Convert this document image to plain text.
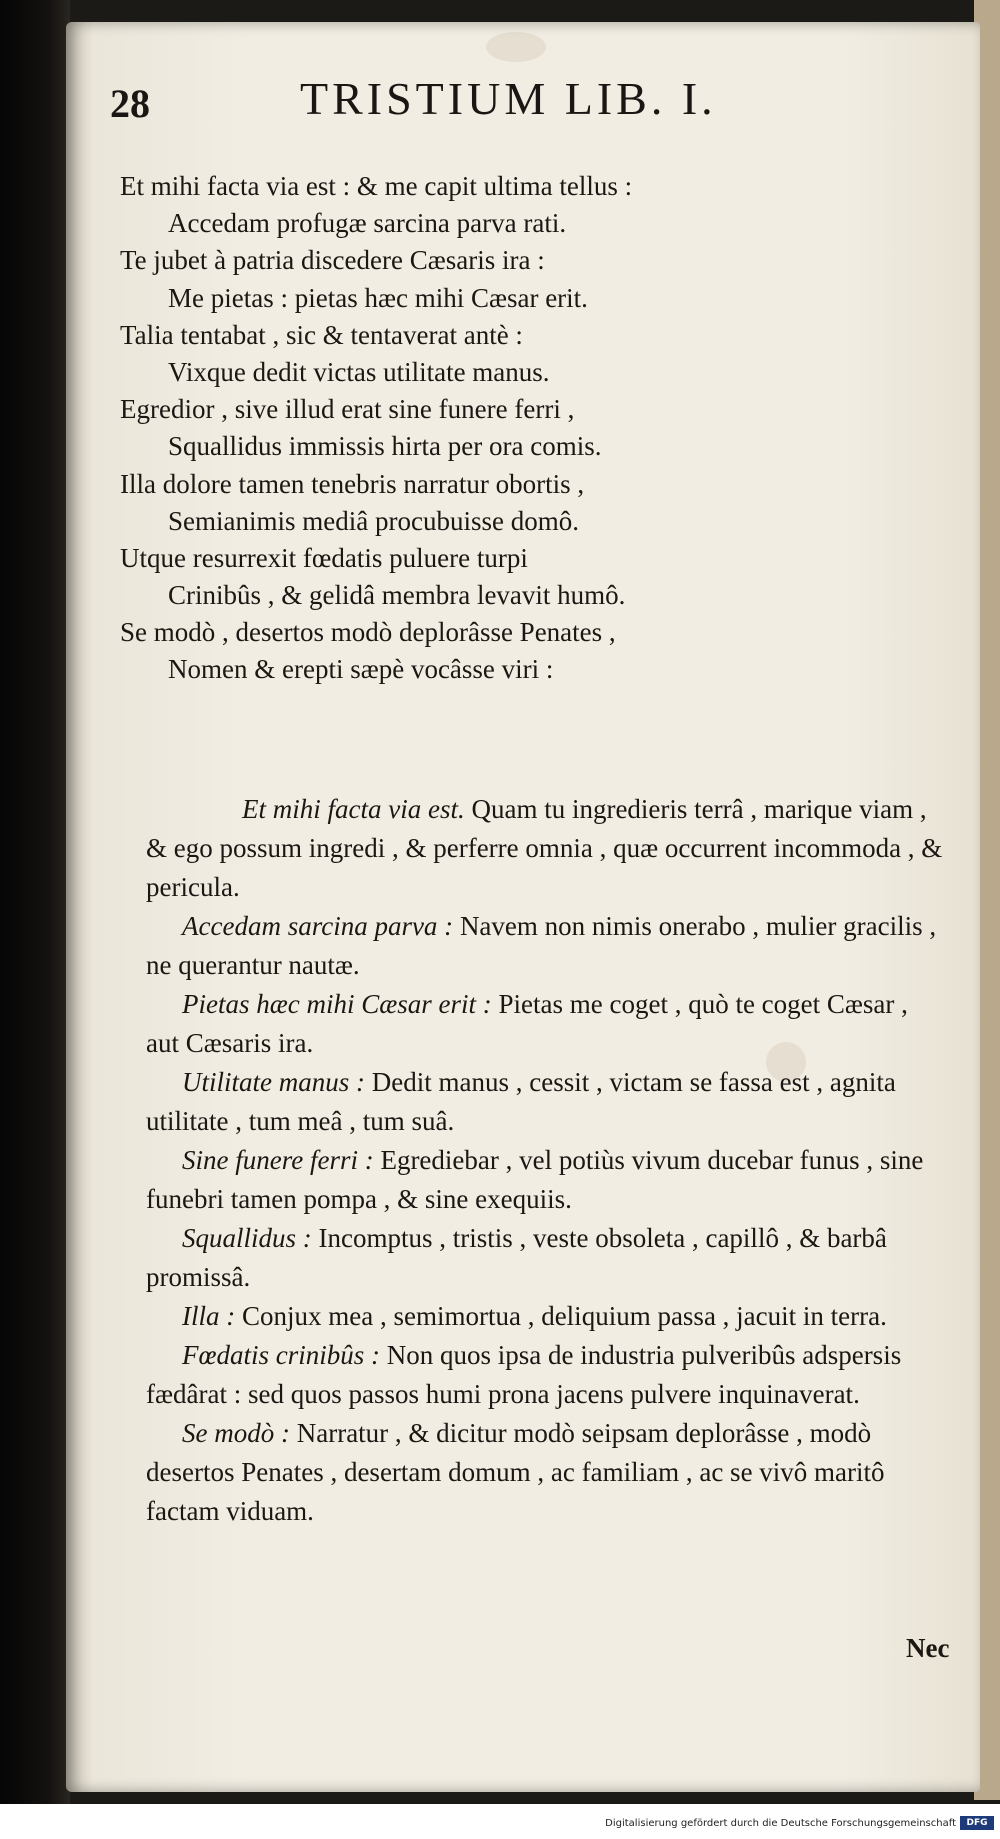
28	TRISTIUM LIB. I.
Et mihi facta via est : & me capit ultima tellus :
Accedam profugæ sarcina parva rati.
Te jubet à patria discedere Cæsaris ira :
Me pietas : pietas hæc mihi Cæsar erit.
Talia tentabat , sic & tentaverat antè :
Vixque dedit victas utilitate manus.
Egredior , sive illud erat sine funere ferri ,
Squallidus immissis hirta per ora comis.
Illa dolore tamen tenebris narratur obortis ,
Semianimis mediâ procubuisse domô.
Utque resurrexit fœdatis puluere turpi
Crinibûs , & gelidâ membra levavit humô.
Se modò , desertos modò deplorâsse Penates ,
Nomen & erepti sæpè vocâsse viri :

Et mihi facta via est. Quam tu ingredieris terrâ , marique viam , & ego possum ingredi , & perferre omnia , quæ occurrent incommoda , & pericula.

Accedam sarcina parva : Navem non nimis onerabo , mulier gracilis , ne querantur nautæ.

Pietas hæc mihi Cæsar erit : Pietas me coget , quò te coget Cæsar , aut Cæsaris ira.

Utilitate manus : Dedit manus , cessit , victam se fassa est , agnita utilitate , tum meâ , tum suâ.

Sine funere ferri : Egrediebar , vel potiùs vivum ducebar funus , sine funebri tamen pompa , & sine exequiis.

Squallidus : Incomptus , tristis , veste obsoleta , capillô , & barbâ promissâ.

Illa : Conjux mea , semimortua , deliquium passa , jacuit in terra.

Fœdatis crinibûs : Non quos ipsa de industria pulveribûs adspersis fædârat : sed quos passos humi prona jacens pulvere inquinaverat.

Se modò : Narratur , & dicitur modò seipsam deplorâsse , modò desertos Penates , desertam domum , ac familiam , ac se vivô maritô factam viduam.

Nec
Digitalisierung gefördert durch die Deutsche Forschungsgemeinschaft	DFG
